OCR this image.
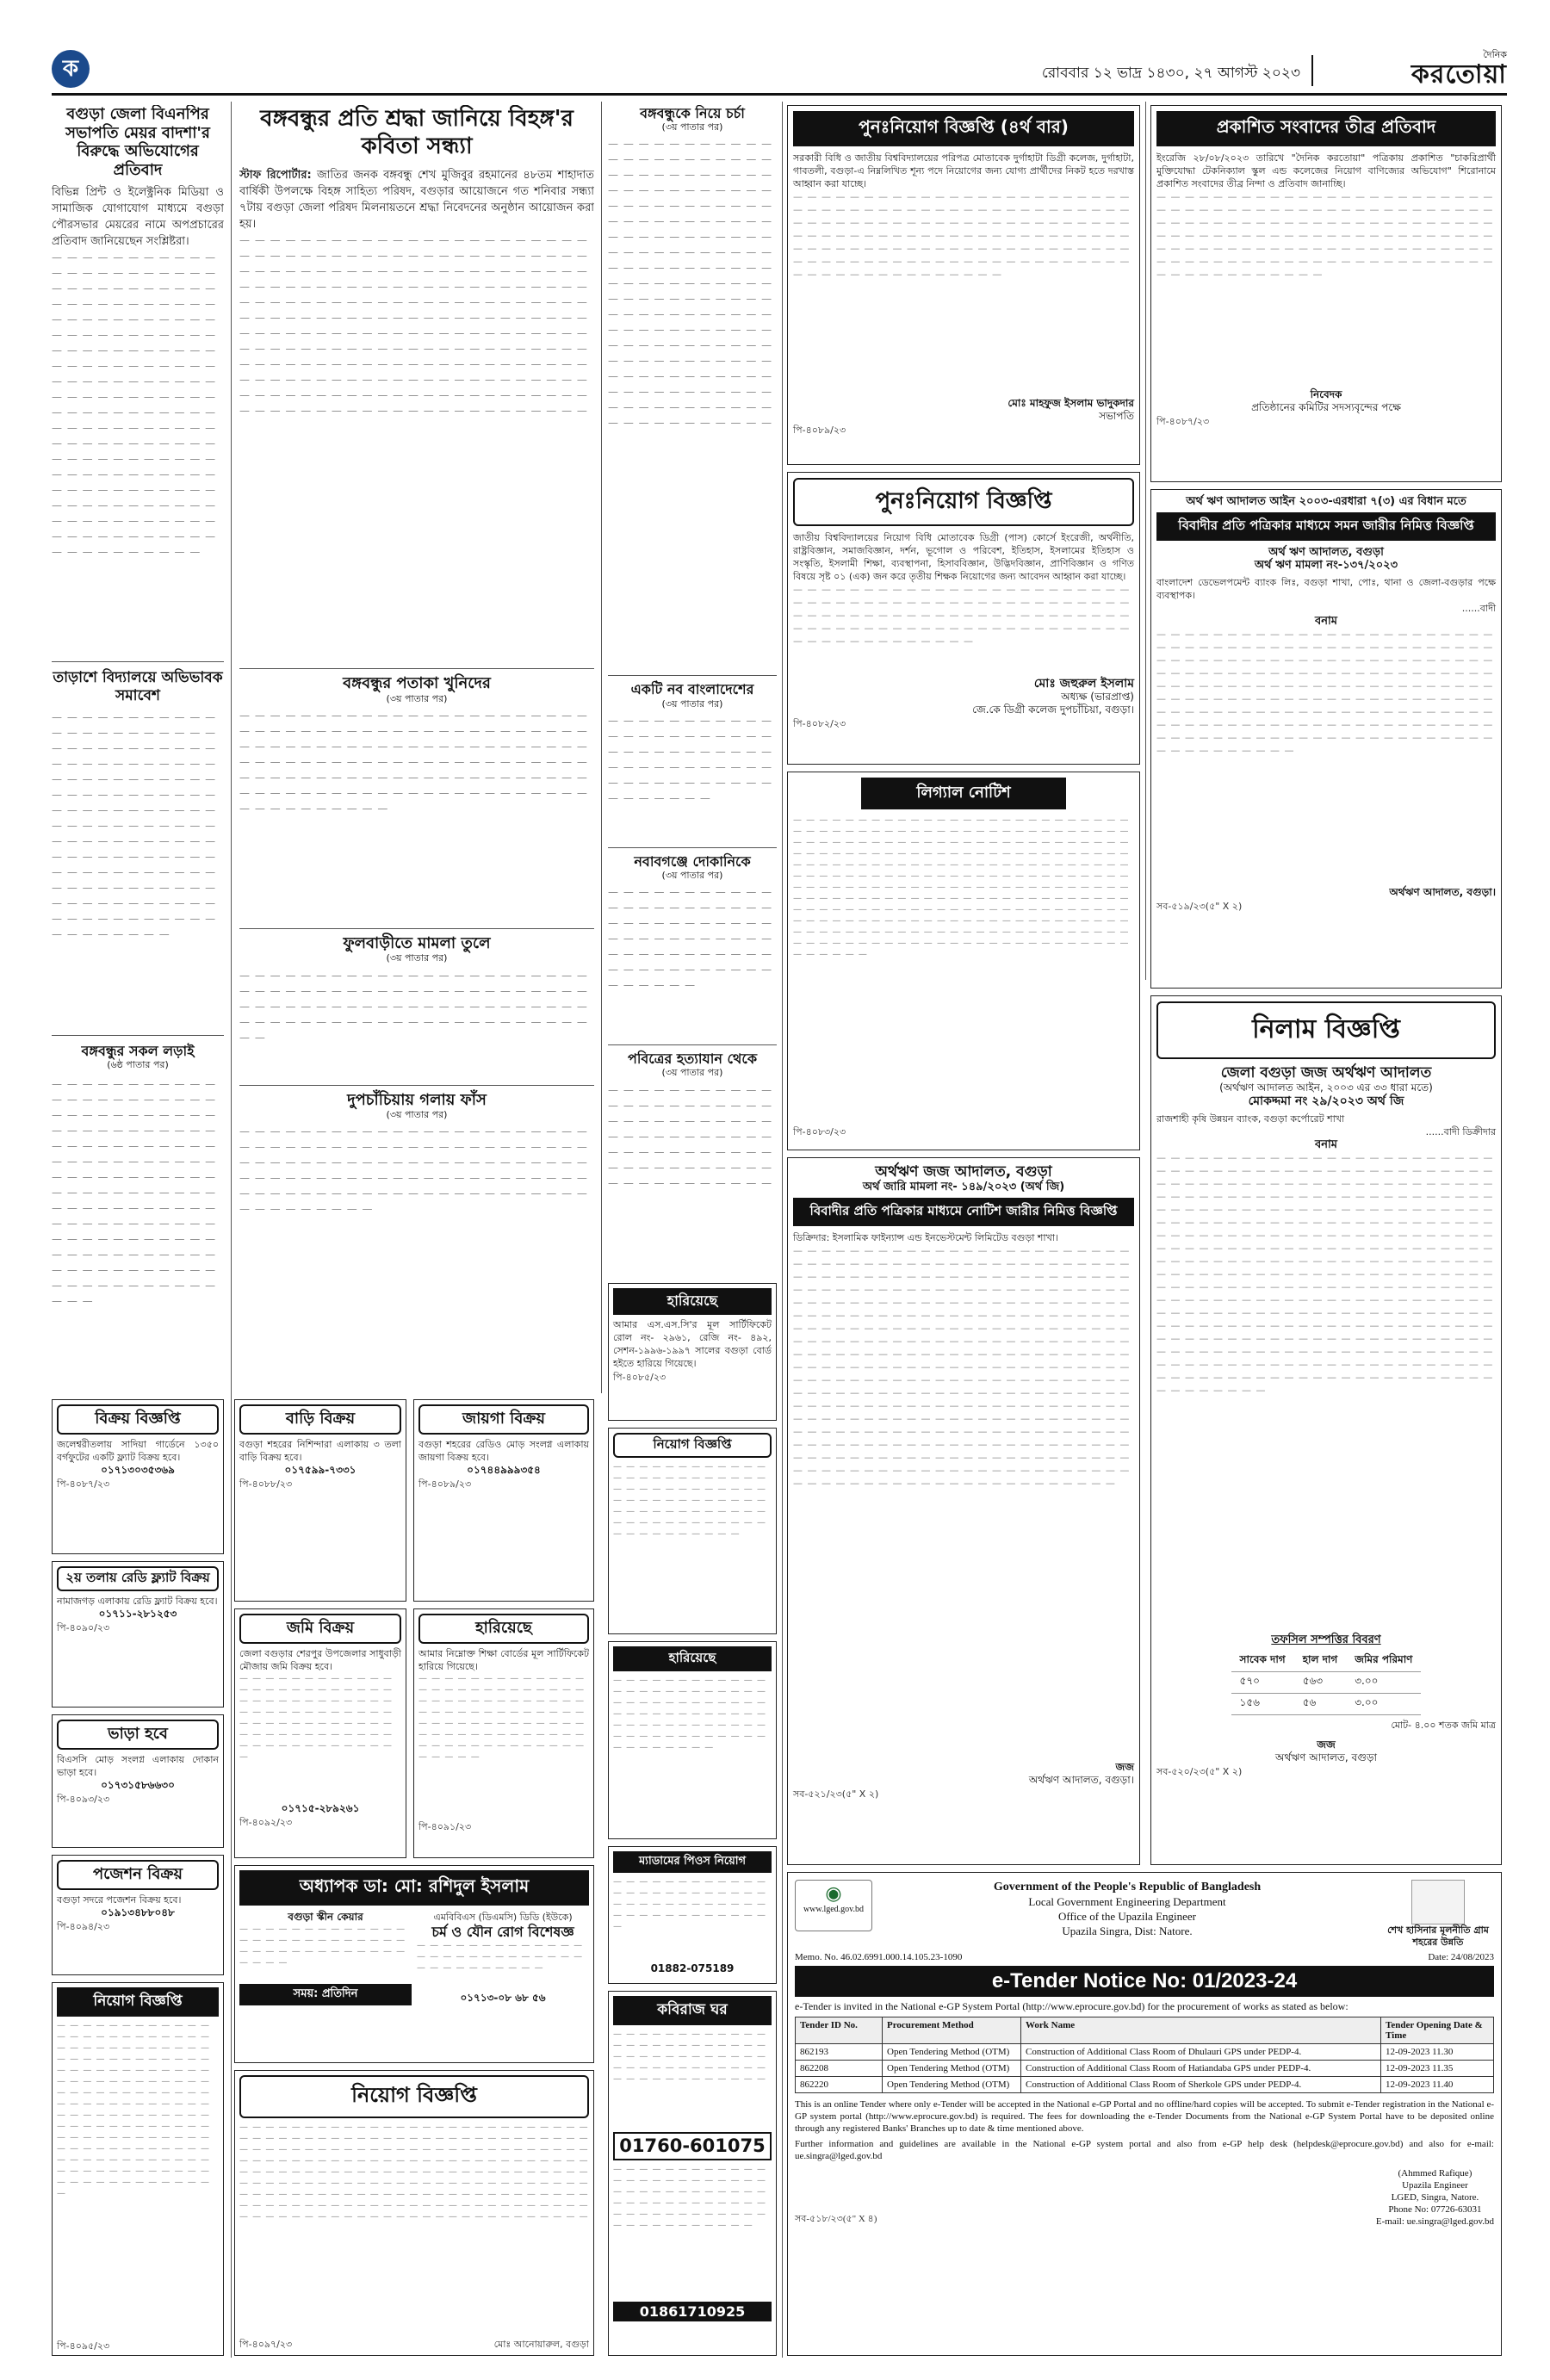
ক	রোববার ১২ ভাদ্র ১৪৩০, ২৭ আগস্ট ২০২৩
দৈনিক
করতোয়া
বগুড়া জেলা বিএনপির সভাপতি মেয়র বাদশা'র বিরুদ্ধে অভিযোগের প্রতিবাদ
বিভিন্ন প্রিন্ট ও ইলেক্ট্রনিক মিডিয়া ও সামাজিক যোগাযোগ মাধ্যমে বগুড়া পৌরসভার মেয়রের নামে অপপ্রচারের প্রতিবাদ জানিয়েছেন সংশ্লিষ্টরা।
— — — — — — — — — — — — — — — — — — — — — — — — — — — — — — — — — — — — — — — — — — — — — — — — — — — — — — — — — — — — — — — — — — — — — — — — — — — — — — — — — — — — — — — — — — — — — — — — — — — — — — — — — — — — — — — — — — — — — — — — — — — — — — — — — — — — — — — — — — — — — — — — — — — — — — — — — — — — — — — — — — — — — — — — — — — — — — — — — — — — — — — — — — — — — — — — — — — — — — — — — — — — — — — — — — — — — — — — — — —
তাড়াশে বিদ্যালয়ে অভিভাবক সমাবেশ
— — — — — — — — — — — — — — — — — — — — — — — — — — — — — — — — — — — — — — — — — — — — — — — — — — — — — — — — — — — — — — — — — — — — — — — — — — — — — — — — — — — — — — — — — — — — — — — — — — — — — — — — — — — — — — — — — — — — — — — — — — — — — — — — — — — — — — — — — — — — — — — — — — — — — — — — — — — — — — — — — —
বঙ্গবন্ধুর সকল লড়াই
(৬ষ্ঠ পাতার পর)
— — — — — — — — — — — — — — — — — — — — — — — — — — — — — — — — — — — — — — — — — — — — — — — — — — — — — — — — — — — — — — — — — — — — — — — — — — — — — — — — — — — — — — — — — — — — — — — — — — — — — — — — — — — — — — — — — — — — — — — — — — — — — — — — — — — — — — — — — — — — — — — — — — — — — — — — — — — — —
বঙ্গবন্ধুর প্রতি শ্রদ্ধা জানিয়ে বিহঙ্গ'র কবিতা সন্ধ্যা
স্টাফ রিপোর্টার: জাতির জনক বঙ্গবন্ধু শেখ মুজিবুর রহমানের ৪৮তম শাহাদাত বার্ষিকী উপলক্ষে বিহঙ্গ সাহিত্য পরিষদ, বগুড়ার আয়োজনে গত শনিবার সন্ধ্যা ৭টায় বগুড়া জেলা পরিষদ মিলনায়তনে শ্রদ্ধা নিবেদনের অনুষ্ঠান আয়োজন করা হয়।
— — — — — — — — — — — — — — — — — — — — — — — — — — — — — — — — — — — — — — — — — — — — — — — — — — — — — — — — — — — — — — — — — — — — — — — — — — — — — — — — — — — — — — — — — — — — — — — — — — — — — — — — — — — — — — — — — — — — — — — — — — — — — — — — — — — — — — — — — — — — — — — — — — — — — — — — — — — — — — — — — — — — — — — — — — — — — — — — — — — — — — — — — — — — — — — — — — — — — — — — — — — — — — — — — — — — — — — — — — — — — — — — — — — — — — — — — — — — — — — — — — — — — — — — — — — — — — — — — — — — — — — — — — — — — — — — — — — —
বঙ্গবন্ধুর পতাকা খুনিদের
(৩য় পাতার পর)
— — — — — — — — — — — — — — — — — — — — — — — — — — — — — — — — — — — — — — — — — — — — — — — — — — — — — — — — — — — — — — — — — — — — — — — — — — — — — — — — — — — — — — — — — — — — — — — — — — — — — — — — — — — — — — — — — — — — — — — — — — — — — — — — — — — — — — — — — — — — — — — — — — — —
ফুলবাড়ীতে মামলা তুলে
(৩য় পাতার পর)
— — — — — — — — — — — — — — — — — — — — — — — — — — — — — — — — — — — — — — — — — — — — — — — — — — — — — — — — — — — — — — — — — — — — — — — — — — — — — — — — — — — — — — — — — — — — — —
দুপচাঁচিয়ায় গলায় ফাঁস
(৩য় পাতার পর)
— — — — — — — — — — — — — — — — — — — — — — — — — — — — — — — — — — — — — — — — — — — — — — — — — — — — — — — — — — — — — — — — — — — — — — — — — — — — — — — — — — — — — — — — — — — — — — — — — — — — — — — — — — — — — — — — — — — — — — — — — — — —
বঙ্গবন্ধুকে নিয়ে চর্চা
(৩য় পাতার পর)
— — — — — — — — — — — — — — — — — — — — — — — — — — — — — — — — — — — — — — — — — — — — — — — — — — — — — — — — — — — — — — — — — — — — — — — — — — — — — — — — — — — — — — — — — — — — — — — — — — — — — — — — — — — — — — — — — — — — — — — — — — — — — — — — — — — — — — — — — — — — — — — — — — — — — — — — — — — — — — — — — — — — — — — — — — — — — — — — — — — — — — — — — — — — — — — — — — — — — — — — — — — — — — — — —
একটি নব বাংলাদেশের
(৩য় পাতার পর)
— — — — — — — — — — — — — — — — — — — — — — — — — — — — — — — — — — — — — — — — — — — — — — — — — — — — — — — — — — — — — —
নবাবগঞ্জে দোকানিকে
(৩য় পাতার পর)
— — — — — — — — — — — — — — — — — — — — — — — — — — — — — — — — — — — — — — — — — — — — — — — — — — — — — — — — — — — — — — — — — — — — — — — —
পবিত্রের হত্যাযান থেকে
(৩য় পাতার পর)
— — — — — — — — — — — — — — — — — — — — — — — — — — — — — — — — — — — — — — — — — — — — — — — — — — — — — — — — — — — — — — — — — — — — — — — — — — — — —
পুনঃনিয়োগ বিজ্ঞপ্তি (৪র্থ বার)
সরকারী বিধি ও জাতীয় বিশ্ববিদ্যালয়ের পরিপত্র মোতাবেক দুর্গাহাটা ডিগ্রী কলেজ, দুর্গাহাটা, গাবতলী, বগুড়া-এ নিম্নলিখিত শূন্য পদে নিয়োগের জন্য যোগ্য প্রার্থীদের নিকট হতে দরখাস্ত আহ্বান করা যাচ্ছে।
— — — — — — — — — — — — — — — — — — — — — — — — — — — — — — — — — — — — — — — — — — — — — — — — — — — — — — — — — — — — — — — — — — — — — — — — — — — — — — — — — — — — — — — — — — — — — — — — — — — — — — — — — — — — — — — — — — — — — — — — — — — — — — — — — — — — — — — — — — — — — — — — — — — — — — — — — — — — — — —
মোঃ মাহফুজ ইসলাম ভাদুকদার
সভাপতি
পি-৪০৮৯/২৩
পুনঃনিয়োগ বিজ্ঞপ্তি
জাতীয় বিশ্ববিদ্যালয়ের নিয়োগ বিধি মোতাবেক ডিগ্রী (পাস) কোর্সে ইংরেজী, অর্থনীতি, রাষ্ট্রবিজ্ঞান, সমাজবিজ্ঞান, দর্শন, ভূগোল ও পরিবেশ, ইতিহাস, ইসলামের ইতিহাস ও সংস্কৃতি, ইসলামী শিক্ষা, ব্যবস্থাপনা, হিসাববিজ্ঞান, উদ্ভিদবিজ্ঞান, প্রাণিবিজ্ঞান ও গণিত বিষয়ে সৃষ্ট ০১ (এক) জন করে তৃতীয় শিক্ষক নিয়োগের জন্য আবেদন আহ্বান করা যাচ্ছে।
— — — — — — — — — — — — — — — — — — — — — — — — — — — — — — — — — — — — — — — — — — — — — — — — — — — — — — — — — — — — — — — — — — — — — — — — — — — — — — — — — — — — — — — — — — — — — — — — — — — — — — — — — — — — —
মোঃ জহুরুল ইসলাম
অধ্যক্ষ (ভারপ্রাপ্ত)
জে.কে ডিগ্রী কলেজ দুপচাঁচিয়া, বগুড়া।
পি-৪০৮২/২৩
লিগ্যাল নোটিশ
— — — — — — — — — — — — — — — — — — — — — — — — — — — — — — — — — — — — — — — — — — — — — — — — — — — — — — — — — — — — — — — — — — — — — — — — — — — — — — — — — — — — — — — — — — — — — — — — — — — — — — — — — — — — — — — — — — — — — — — — — — — — — — — — — — — — — — — — — — — — — — — — — — — — — — — — — — — — — — — — — — — — — — — — — — — — — — — — — — — — — — — — — — — — — — — — — — — — — — — — — — — — — — — — — — — — — — — — — — — — — — — — — — — — — — — — — — — — — — — — — — — — — — — — — — — — — — — — — — — — — — — — — — — — — — — — — — — — — — — — — — — — — — — — — — — — — — — — — — — — — — — — — — — — — — — — — — — — — —
পি-৪০৮৩/২৩
প্রকাশিত সংবাদের তীব্র প্রতিবাদ
ইংরেজি ২৮/০৮/২০২৩ তারিখে "দৈনিক করতোয়া" পত্রিকায় প্রকাশিত "চাকরিপ্রার্থী মুক্তিযোদ্ধা টেকনিক্যাল স্কুল এন্ড কলেজের নিয়োগ বাণিজ্যের অভিযোগ" শিরোনামে প্রকাশিত সংবাদের তীব্র নিন্দা ও প্রতিবাদ জানাচ্ছি।
— — — — — — — — — — — — — — — — — — — — — — — — — — — — — — — — — — — — — — — — — — — — — — — — — — — — — — — — — — — — — — — — — — — — — — — — — — — — — — — — — — — — — — — — — — — — — — — — — — — — — — — — — — — — — — — — — — — — — — — — — — — — — — — — — — — — — — — — — — — — — — — — — — — — — — — — — — — —
নিবেদক
প্রতিষ্ঠানের কমিটির সদস্যবৃন্দের পক্ষে
পি-৪০৮৭/২৩
অর্থ ঋণ আদালত আইন ২০০৩-এরধারা ৭(৩) এর বিধান মতে
বিবাদীর প্রতি পত্রিকার মাধ্যমে সমন জারীর নিমিত্ত বিজ্ঞপ্তি
অর্থ ঋণ আদালত, বগুড়া
অর্থ ঋণ মামলা নং-১৩৭/২০২৩
বাংলাদেশ ডেভেলপমেন্ট ব্যাংক লিঃ, বগুড়া শাখা, পোঃ, থানা ও জেলা-বগুড়ার পক্ষে ব্যবস্থাপক।
......বাদী
বনাম
— — — — — — — — — — — — — — — — — — — — — — — — — — — — — — — — — — — — — — — — — — — — — — — — — — — — — — — — — — — — — — — — — — — — — — — — — — — — — — — — — — — — — — — — — — — — — — — — — — — — — — — — — — — — — — — — — — — — — — — — — — — — — — — — — — — — — — — — — — — — — — — — — — — — — — — — — — — — — — — — — — — — — — — — — — — — — — — — — — — — — — — — — — — — — — — — — — — — — — — — — — — — — — — — — — — — — — — — — — — — — — — — — —
অর্থঋণ আদালত, বগুড়া।
সব-৫১৯/২৩(৫" X ২)
নিলাম বিজ্ঞপ্তি
জেলা বগুড়া জজ অর্থঋণ আদালত
(অর্থঋণ আদালত আইন, ২০০৩ এর ৩৩ ধারা মতে)
মোকদ্দমা নং ২৯/২০২৩ অর্থ জি
রাজশাহী কৃষি উন্নয়ন ব্যাংক, বগুড়া কর্পোরেট শাখা
......বাদী ডিক্রীদার
বনাম
— — — — — — — — — — — — — — — — — — — — — — — — — — — — — — — — — — — — — — — — — — — — — — — — — — — — — — — — — — — — — — — — — — — — — — — — — — — — — — — — — — — — — — — — — — — — — — — — — — — — — — — — — — — — — — — — — — — — — — — — — — — — — — — — — — — — — — — — — — — — — — — — — — — — — — — — — — — — — — — — — — — — — — — — — — — — — — — — — — — — — — — — — — — — — — — — — — — — — — — — — — — — — — — — — — — — — — — — — — — — — — — — — — — — — — — — — — — — — — — — — — — — — — — — — — — — — — — — — — — — — — — — — — — — — — — — — — — — — — — — — — — — — — — — — — — — — — — — — — — — — — — — — — — — — — — — — — — — — — — — — — — — — — — — — — — — — — — — — — — — — — — — — — — — — — — — — — — — — — — — — — — — — — — — — — — — — — — — — — — — — — — — — — — — — — — — — — — — — — — — — — — — — — — — — — — — — — — — — — — — — — — — — — — — — — — — — — — — — — — —
তফসিল সম্পত্তির বিবরণ
সাবেক দাগ	হাল দাগ	জমির পরিমাণ
৫৭০	৫৬৩	৩.০০
১৫৬	৫৬	৩.০০
মোট- ৪.০০ শতক জমি মাত্র
জজ
অর্থঋণ আদালত, বগুড়া
সব-৫২০/২৩(৫" X ২)
হারিয়েছে
আমার এস.এস.সি'র মূল সার্টিফিকেট রোল নং- ২৯৬১, রেজি নং- ৪৯২, সেশন-১৯৯৬-১৯৯৭ সালের বগুড়া বোর্ড হইতে হারিয়ে গিয়েছে।
পি-৪০৮৫/২৩
অর্থঋণ জজ আদালত, বগুড়া
অর্থ জারি মামলা নং- ১৪৯/২০২৩ (অর্থ জি)
বিবাদীর প্রতি পত্রিকার মাধ্যমে নোটিশ জারীর নিমিত্ত বিজ্ঞপ্তি
ডিক্রিদার: ইসলামিক ফাইন্যান্স এন্ড ইনভেস্টমেন্ট লিমিটেড বগুড়া শাখা।
— — — — — — — — — — — — — — — — — — — — — — — — — — — — — — — — — — — — — — — — — — — — — — — — — — — — — — — — — — — — — — — — — — — — — — — — — — — — — — — — — — — — — — — — — — — — — — — — — — — — — — — — — — — — — — — — — — — — — — — — — — — — — — — — — — — — — — — — — — — — — — — — — — — — — — — — — — — — — — — — — — — — — — — — — — — — — — — — — — — — — — — — — — — — — — — — — — — — — — — — — — — — — — — — — — — — — — — — — — — — — — — — — — — — — — — — — — — — — — — — — — — — — — — — — — — — — — — — — — — — — — — — — — — — — — — — — — — — — — — — — — — — — — — — — — — — — — — — — — — — — — — — — — — — — — — — — — — — — — — — — — — — — — — — — — — — — — — — — — — — — — — — — — — — — — — — — — — — — — — — — — — — — — — — — — — — — — — — — — — — — — — — — — — — — — — — — — — — — — — — — — — — — — — — — — — — — — — — — — — — — — — — — — — — — — — — — — — — — — — — — — — — — — — — — — — — — — —
জজ
অর্থঋণ আদালত, বগুড়া।
সব-৫২১/২৩(৫" X ২)
বিক্রয় বিজ্ঞপ্তি
জলেশ্বরীতলায় সাদিয়া গার্ডেনে ১৩৫০ বর্গফুটের একটি ফ্ল্যাট বিক্রয় হবে।
০১৭১৩০৩৫৩৬৯
পি-৪০৮৭/২৩
বাড়ি বিক্রয়
বগুড়া শহরের নিশিন্দারা এলাকায় ৩ তলা বাড়ি বিক্রয় হবে।
০১৭৫৯৯-৭৩৩১
পি-৪০৮৮/২৩
জায়গা বিক্রয়
বগুড়া শহরের রেডিও মোড় সংলগ্ন এলাকায় জায়গা বিক্রয় হবে।
০১৭৪৪৯৯৯৩৫৪
পি-৪০৮৯/২৩
২য় তলায় রেডি ফ্ল্যাট বিক্রয়
নামাজগড় এলাকায় রেডি ফ্ল্যাট বিক্রয় হবে।
০১৭১১-২৮১২৫৩
পি-৪০৯০/২৩	জমি বিক্রয়
জেলা বগুড়ার শেরপুর উপজেলার সাধুবাড়ী মৌজায় জমি বিক্রয় হবে।
— — — — — — — — — — — — — — — — — — — — — — — — — — — — — — — — — — — — — — — — — — — — — — — — — — — — — — — — — — — — — — — — — — — — — — — — — — — — — — — — — — — — —
০১৭১৫-২৮৯২৬১
পি-৪০৯২/২৩
হারিয়েছে
আমার নিম্নোক্ত শিক্ষা বোর্ডের মূল সার্টিফিকেট হারিয়ে গিয়েছে।
— — — — — — — — — — — — — — — — — — — — — — — — — — — — — — — — — — — — — — — — — — — — — — — — — — — — — — — — — — — — — — — — — — — — — — — — — — — — — — — — — — — — — — — — — — — — — — — —
পি-৪০৯১/২৩
ভাড়া হবে
বিএসসি মোড় সংলগ্ন এলাকায় দোকান ভাড়া হবে।
০১৭৩১৫৮৬৬৩০
পি-৪০৯৩/২৩
পজেশন বিক্রয়
বগুড়া সদরে পজেশন বিক্রয় হবে।
০১৯১৩৪৮৮০৪৮
পি-৪০৯৪/২৩
নিয়োগ বিজ্ঞপ্তি
— — — — — — — — — — — — — — — — — — — — — — — — — — — — — — — — — — — — — — — — — — — — — — — — — — — — — — — — — — — — — — — — — — — — — — — — — — — — — — — — — — — — — — — — — — — — — — — — — — — — — — — — — — — — — — — — — — — — — — — — — — — — — — — — — — — — — — — — — — — — — — — — — — — — — — — — — — — — — — — — — — — — — — — — — — — — — — — — — — — — —
পি-৪০৯৫/২৩
অধ্যাপক ডা: মো: রশিদুল ইসলাম
বগুড়া স্কীন কেয়ার
— — — — — — — — — — — — — — — — — — — — — — — — — — — — — — — — — — — — — — — — — — —
সময়: প্রতিদিন
এমবিবিএস (ডিএমসি) ডিডি (ইউকে)
চর্ম ও যৌন রোগ বিশেষজ্ঞ
— — — — — — — — — — — — — — — — — — — — — — — — — — — — — — — — — — — —
০১৭১৩-০৮ ৬৮ ৫৬
নিয়োগ বিজ্ঞপ্তি
— — — — — — — — — — — — — — — — — — — — — — — — — — — — — — — — — — — — — — — — — — — — — — — — — — — — — — — — — — — — — — — — — — — — — — — — — — — — — — — — — — — — — — — — — — — — — — — — — — — — — — — — — — — — — — — — — — — — — — — — — — — — — — — — — — — — — — — — — — — — — — — — — — — — — — — — — — — — — — — — — — — — — — — — — — — — — — — — — — — — — — — — — — — — — — — — — — — — — — — — — — — — — — — — — — — — — — — — — — — — — — — — — — — — — — — — — — — — — — — — — — —
পি-৪০৯৭/২৩	মোঃ আনোয়ারুল, বগুড়া
নিয়োগ বিজ্ঞপ্তি
— — — — — — — — — — — — — — — — — — — — — — — — — — — — — — — — — — — — — — — — — — — — — — — — — — — — — — — — — — — — — — — — — — — — — — — — — — — — — — — — — —
হারিয়েছে
— — — — — — — — — — — — — — — — — — — — — — — — — — — — — — — — — — — — — — — — — — — — — — — — — — — — — — — — — — — — — — — — — — — — — — — — — — — — — — — —
ম্যাডামের পিওস নিয়োগ
— — — — — — — — — — — — — — — — — — — — — — — — — — — — — — — — — — — — — — — — — — — — — — — — —
01882-075189
কবিরাজ ঘর
— — — — — — — — — — — — — — — — — — — — — — — — — — — — — — — — — — — — — — — — — — — — — — — — — — — — — — — — — — — —
01760-601075
— — — — — — — — — — — — — — — — — — — — — — — — — — — — — — — — — — — — — — — — — — — — — — — — — — — — — — — — — — — — — — — — — — — — — — —
01861710925
◉
www.lged.gov.bd
Government of the People's Republic of Bangladesh
Local Government Engineering Department
Office of the Upazila Engineer
Upazila Singra, Dist: Natore.	শেখ হাসিনার মূলনীতি গ্রাম শহরের উন্নতি
Memo. No. 46.02.6991.000.14.105.23-1090	Date: 24/08/2023
e-Tender Notice No: 01/2023-24
e-Tender is invited in the National e-GP System Portal (http://www.eprocure.gov.bd) for the procurement of works as stated as below:
Tender ID No.	Procurement Method	Work Name	Tender Opening Date & Time
862193	Open Tendering Method (OTM)	Construction of Additional Class Room of Dhulauri GPS under PEDP-4.	12-09-2023 11.30
862208	Open Tendering Method (OTM)	Construction of Additional Class Room of Hatiandaba GPS under PEDP-4.	12-09-2023 11.35
862220	Open Tendering Method (OTM)	Construction of Additional Class Room of Sherkole GPS under PEDP-4.	12-09-2023 11.40
This is an online Tender where only e-Tender will be accepted in the National e-GP Portal and no offline/hard copies will be accepted. To submit e-Tender registration in the National e-GP system portal (http://www.eprocure.gov.bd) is required. The fees for downloading the e-Tender Documents from the National e-GP System Portal have to be deposited online through any registered Banks' Branches up to date & time mentioned above.
Further information and guidelines are available in the National e-GP system portal and also from e-GP help desk (helpdesk@eprocure.gov.bd) and also for e-mail: ue.singra@lged.gov.bd
সব-৫১৮/২৩(৫" X ৪)
(Ahmmed Rafique)
Upazila Engineer
LGED, Singra, Natore.
Phone No: 07726-63031
E-mail: ue.singra@lged.gov.bd
